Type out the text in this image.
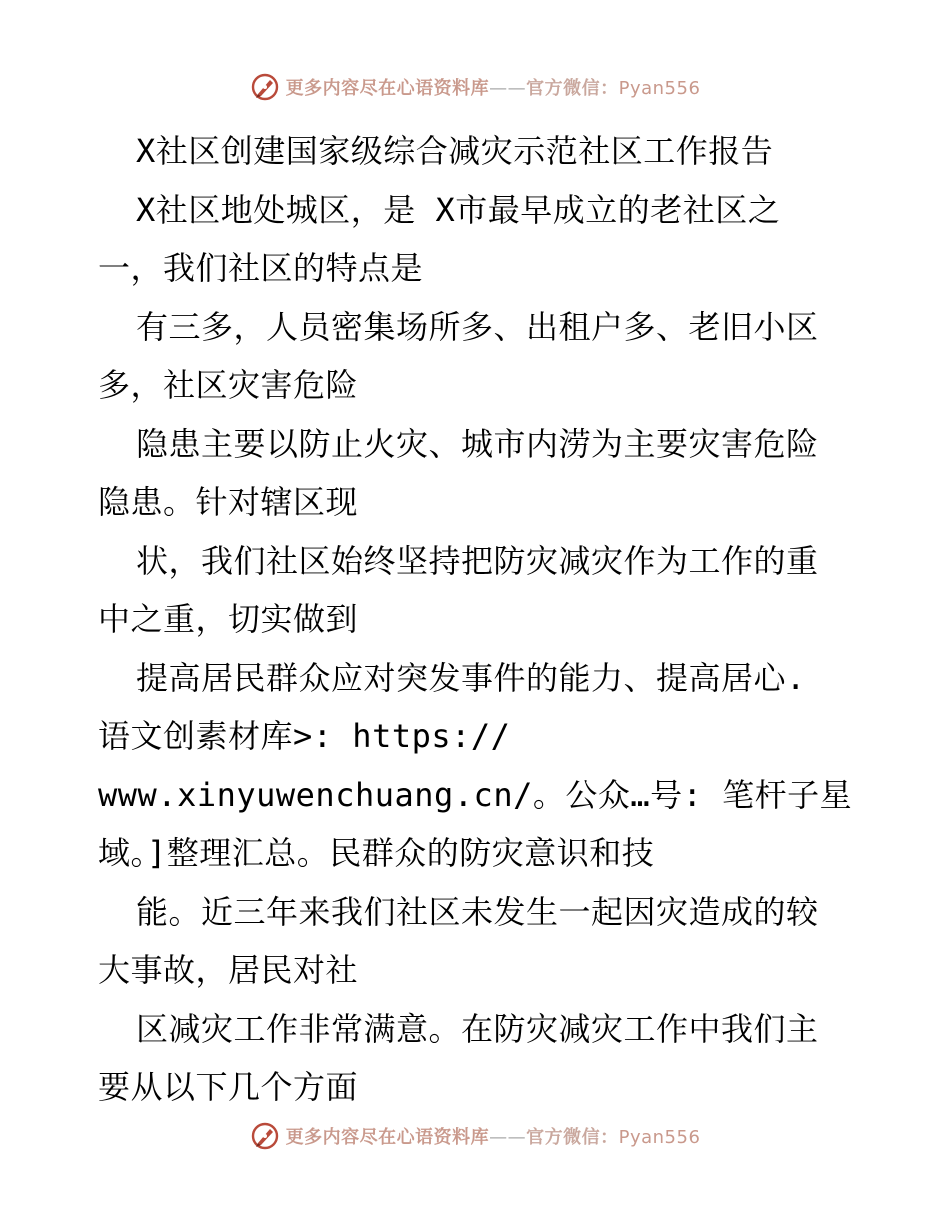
更多内容尽在心语资料库——官方微信：Pyan556
X社区创建国家级综合减灾示范社区工作报告
X社区地处城区，是 X市最早成立的老社区之
一，我们社区的特点是
有三多，人员密集场所多、出租户多、老旧小区
多，社区灾害危险
隐患主要以防止火灾、城市内涝为主要灾害危险
隐患。针对辖区现
状，我们社区始终坚持把防灾减灾作为工作的重
中之重，切实做到
提高居民群众应对突发事件的能力、提高居心.
语文创素材库>: https://
www.xinyuwenchuang.cn/。公众…号: 笔杆子星
域。]整理汇总。民群众的防灾意识和技
能。近三年来我们社区未发生一起因灾造成的较
大事故，居民对社
区减灾工作非常满意。在防灾减灾工作中我们主
要从以下几个方面
更多内容尽在心语资料库——官方微信：Pyan556
